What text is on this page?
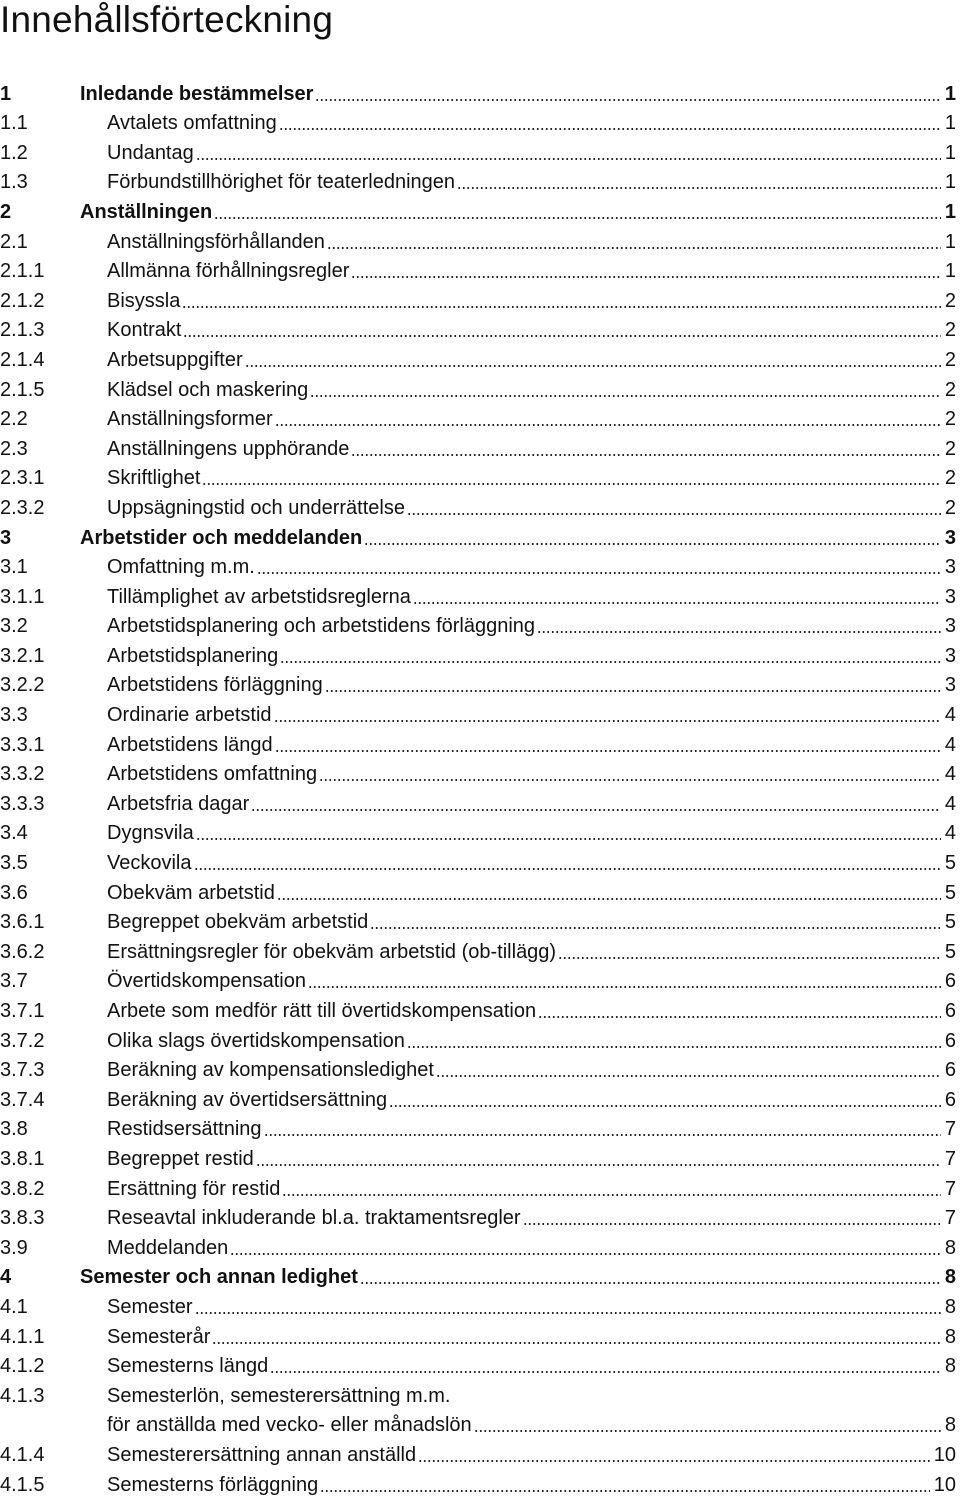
Innehållsförteckning
1	Inledande bestämmelser	1
1.1	Avtalets omfattning	1
1.2	Undantag	1
1.3	Förbundstillhörighet för teaterledningen	1
2	Anställningen	1
2.1	Anställningsförhållanden	1
2.1.1	Allmänna förhållningsregler	1
2.1.2	Bisyssla	2
2.1.3	Kontrakt	2
2.1.4	Arbetsuppgifter	2
2.1.5	Klädsel och maskering	2
2.2	Anställningsformer	2
2.3	Anställningens upphörande	2
2.3.1	Skriftlighet	2
2.3.2	Uppsägningstid och underrättelse	2
3	Arbetstider och meddelanden	3
3.1	Omfattning m.m.	3
3.1.1	Tillämplighet av arbetstidsreglerna	3
3.2	Arbetstidsplanering och arbetstidens förläggning	3
3.2.1	Arbetstidsplanering	3
3.2.2	Arbetstidens förläggning	3
3.3	Ordinarie arbetstid	4
3.3.1	Arbetstidens längd	4
3.3.2	Arbetstidens omfattning	4
3.3.3	Arbetsfria dagar	4
3.4	Dygnsvila	4
3.5	Veckovila	5
3.6	Obekväm arbetstid	5
3.6.1	Begreppet obekväm arbetstid	5
3.6.2	Ersättningsregler för obekväm arbetstid (ob-tillägg)	5
3.7	Övertidskompensation	6
3.7.1	Arbete som medför rätt till övertidskompensation	6
3.7.2	Olika slags övertidskompensation	6
3.7.3	Beräkning av kompensationsledighet	6
3.7.4	Beräkning av övertidsersättning	6
3.8	Restidsersättning	7
3.8.1	Begreppet restid	7
3.8.2	Ersättning för restid	7
3.8.3	Reseavtal inkluderande bl.a. traktamentsregler	7
3.9	Meddelanden	8
4	Semester och annan ledighet	8
4.1	Semester	8
4.1.1	Semesterår	8
4.1.2	Semesterns längd	8
4.1.3	Semesterlön, semesterersättning m.m.
för anställda med vecko- eller månadslön	8
4.1.4	Semesterersättning annan anställd	10
4.1.5	Semesterns förläggning	10
